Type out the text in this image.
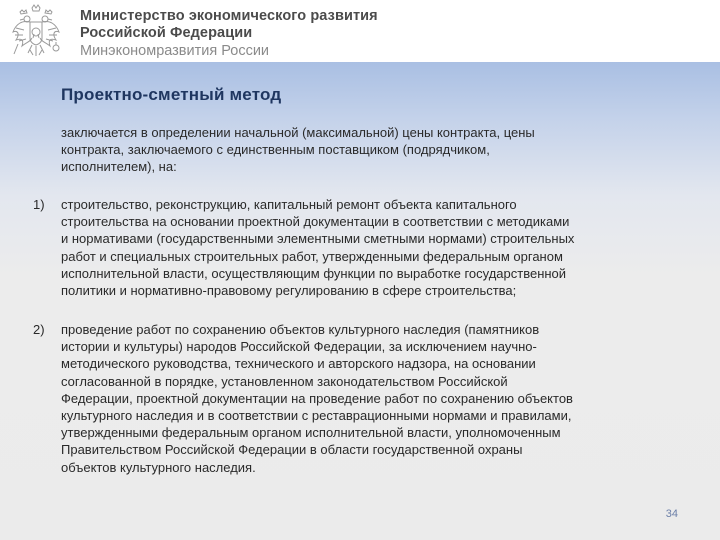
Министерство экономического развития
Российской Федерации
Минэкономразвития России
Проектно-сметный метод
заключается в определении начальной (максимальной) цены контракта, цены
контракта, заключаемого с единственным поставщиком (подрядчиком,
исполнителем), на:
1) строительство, реконструкцию, капитальный ремонт объекта капитального
строительства на основании проектной документации в соответствии с методиками
и нормативами (государственными элементными сметными нормами) строительных
работ и специальных строительных работ, утвержденными федеральным органом
исполнительной власти, осуществляющим функции по выработке государственной
политики и нормативно-правовому регулированию в сфере строительства;
2) проведение работ по сохранению объектов культурного наследия (памятников
истории и культуры) народов Российской Федерации, за исключением научно-
методического руководства, технического и авторского надзора, на основании
согласованной в порядке, установленном законодательством Российской
Федерации, проектной документации на проведение работ по сохранению объектов
культурного наследия и в соответствии с реставрационными нормами и правилами,
утвержденными федеральным органом исполнительной власти, уполномоченным
Правительством Российской Федерации в области государственной охраны
объектов культурного наследия.
34
